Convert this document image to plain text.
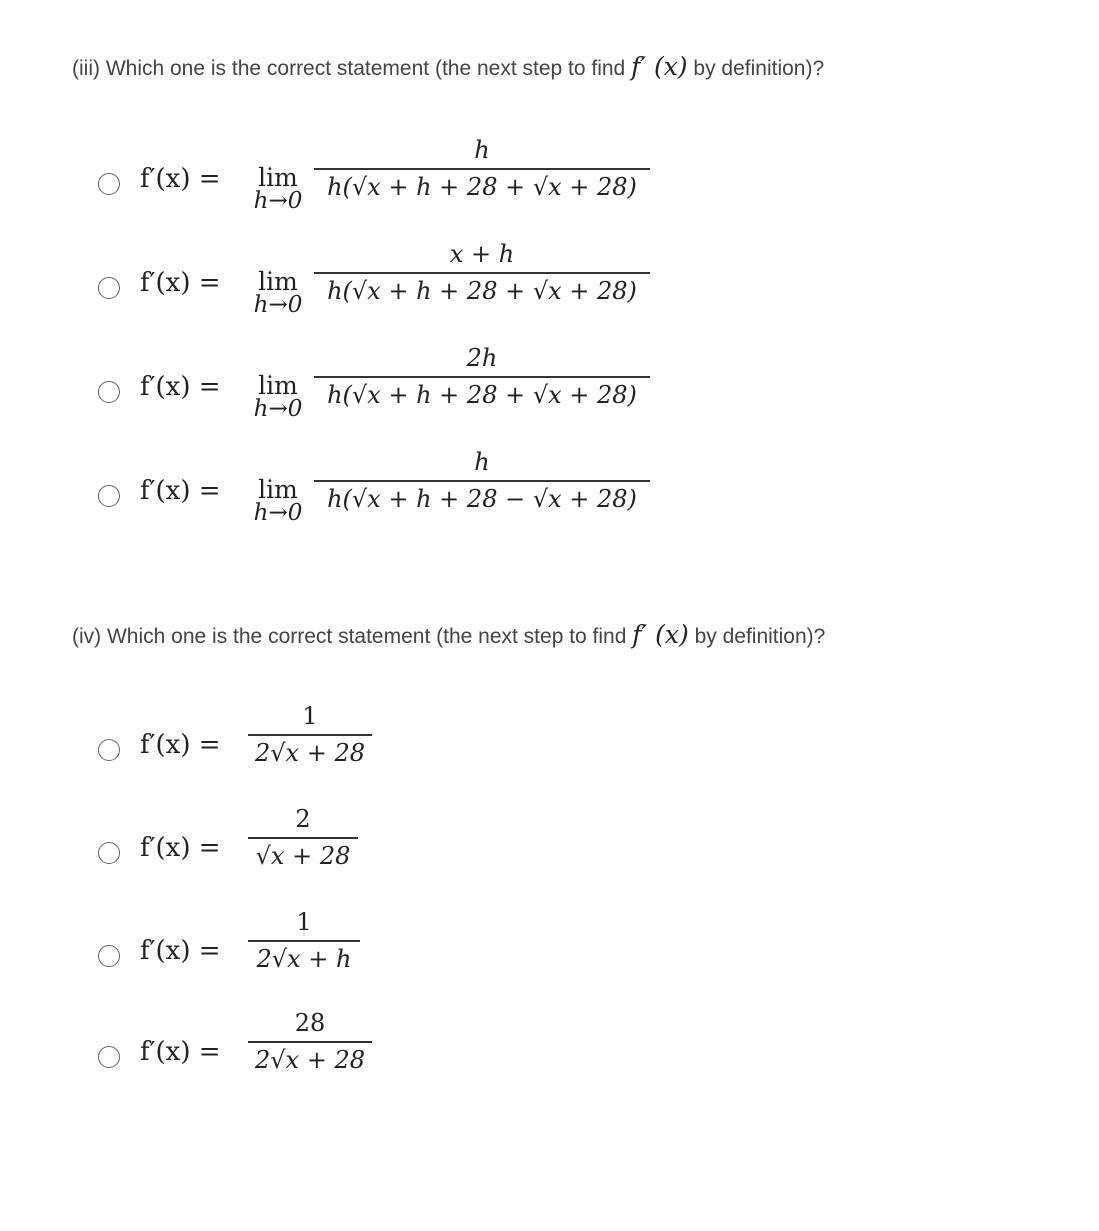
(iii) Which one is the correct statement (the next step to find f′ (x) by definition)?
f′(x) =	lim
h→0
h
h(√x + h + 28 + √x + 28)
f′(x) =	lim
h→0
x + h
h(√x + h + 28 + √x + 28)
f′(x) =	lim
h→0
2h
h(√x + h + 28 + √x + 28)
f′(x) =	lim
h→0
h
h(√x + h + 28 − √x + 28)
(iv) Which one is the correct statement (the next step to find f′ (x) by definition)?
f′(x) =
1
2√x + 28
f′(x) =
2
√x + 28
f′(x) =
1
2√x + h
f′(x) =
28
2√x + 28
